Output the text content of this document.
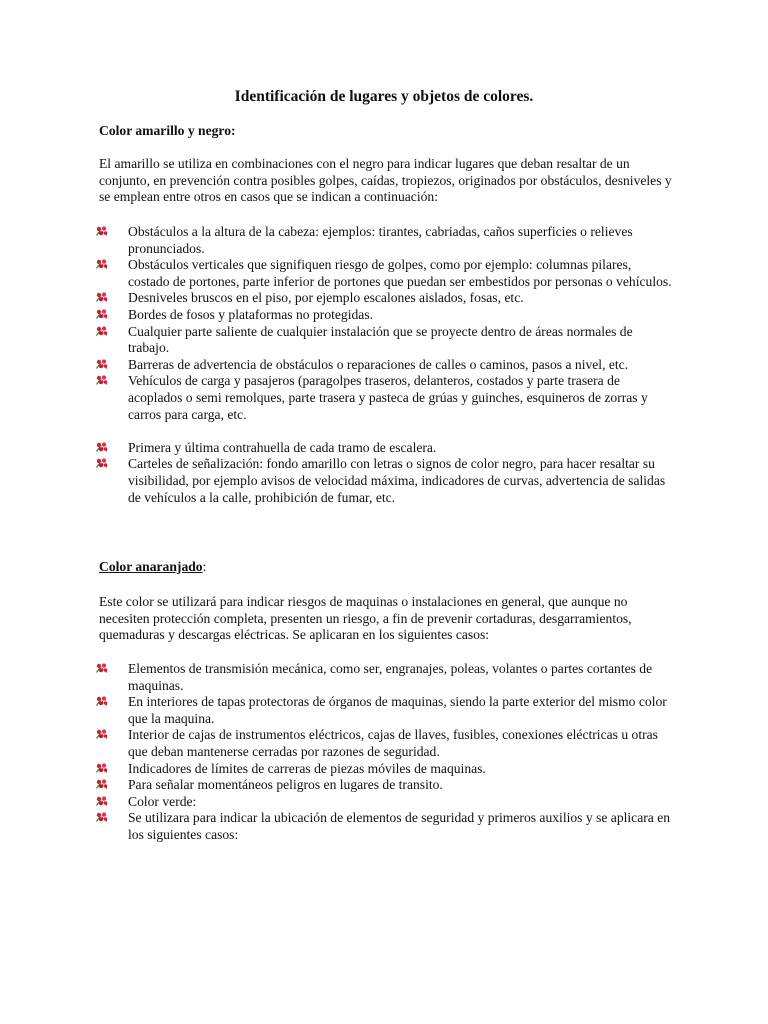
Identificación de lugares y objetos de colores.
Color amarillo y negro:

El amarillo se utiliza en combinaciones con el negro para indicar lugares que deban resaltar de un conjunto, en prevención contra posibles golpes, caídas, tropiezos, originados por obstáculos, desniveles y se emplean entre otros en casos que se indican a continuación:

Obstáculos a la altura de la cabeza: ejemplos: tirantes, cabriadas, caños superficies o relieves pronunciados.
Obstáculos verticales que signifiquen riesgo de golpes, como por ejemplo: columnas pilares, costado de portones, parte inferior de portones que puedan ser embestidos por personas o vehículos.
Desniveles bruscos en el piso, por ejemplo escalones aislados, fosas, etc.
Bordes de fosos y plataformas no protegidas.
Cualquier parte saliente de cualquier instalación que se proyecte dentro de áreas normales de trabajo.
Barreras de advertencia de obstáculos o reparaciones de calles o caminos, pasos a nivel, etc.
Vehículos de carga y pasajeros (paragolpes traseros, delanteros, costados y parte trasera de acoplados o semi remolques, parte trasera y pasteca de grúas y guinches, esquineros de zorras y carros para carga, etc.
Primera y última contrahuella de cada tramo de escalera.
Carteles de señalización: fondo amarillo con letras o signos de color negro, para hacer resaltar su visibilidad, por ejemplo avisos de velocidad máxima, indicadores de curvas, advertencia de salidas de vehículos a la calle, prohibición de fumar, etc.
Color anaranjado:

Este color se utilizará para indicar riesgos de maquinas o instalaciones en general, que aunque no necesiten protección completa, presenten un riesgo, a fin de prevenir cortaduras, desgarramientos, quemaduras y descargas eléctricas. Se aplicaran en los siguientes casos:

Elementos de transmisión mecánica, como ser, engranajes, poleas, volantes o partes cortantes de maquinas.
En interiores de tapas protectoras de órganos de maquinas, siendo la parte exterior del mismo color que la maquina.
Interior de cajas de instrumentos eléctricos, cajas de llaves, fusibles, conexiones eléctricas u otras que deban mantenerse cerradas por razones de seguridad.
Indicadores de límites de carreras de piezas móviles de maquinas.
Para señalar momentáneos peligros en lugares de transito.
Color verde:
Se utilizara para indicar la ubicación de elementos de seguridad y primeros auxilios y se aplicara en los siguientes casos:
